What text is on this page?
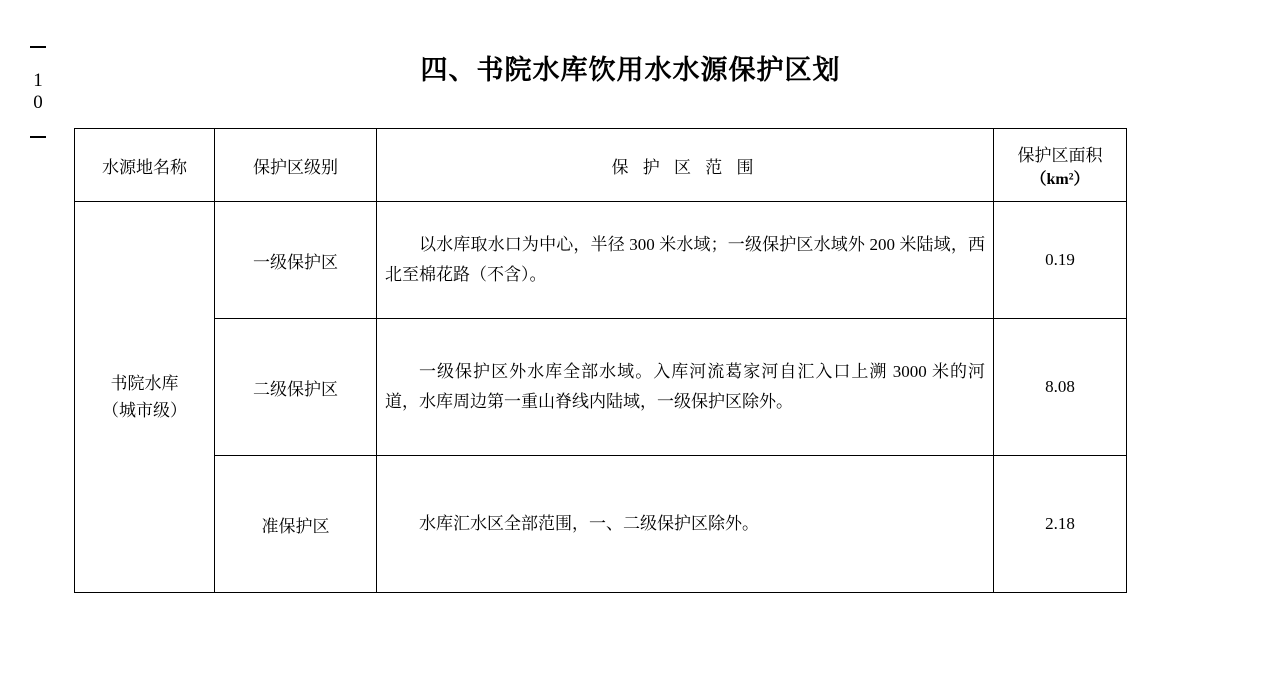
10	四、书院水库饮用水水源保护区划
水源地名称	保护区级别	保 护 区 范 围	保护区面积
（km²）

书院水库
（城市级）	一级保护区	以水库取水口为中心，半径 300 米水域；一级保护区水域外 200 米陆域，西北至棉花路（不含）。	0.19
	二级保护区	一级保护区外水库全部水域。入库河流葛家河自汇入口上溯 3000 米的河道，水库周边第一重山脊线内陆域，一级保护区除外。	8.08
	准保护区	水库汇水区全部范围，一、二级保护区除外。	2.18
